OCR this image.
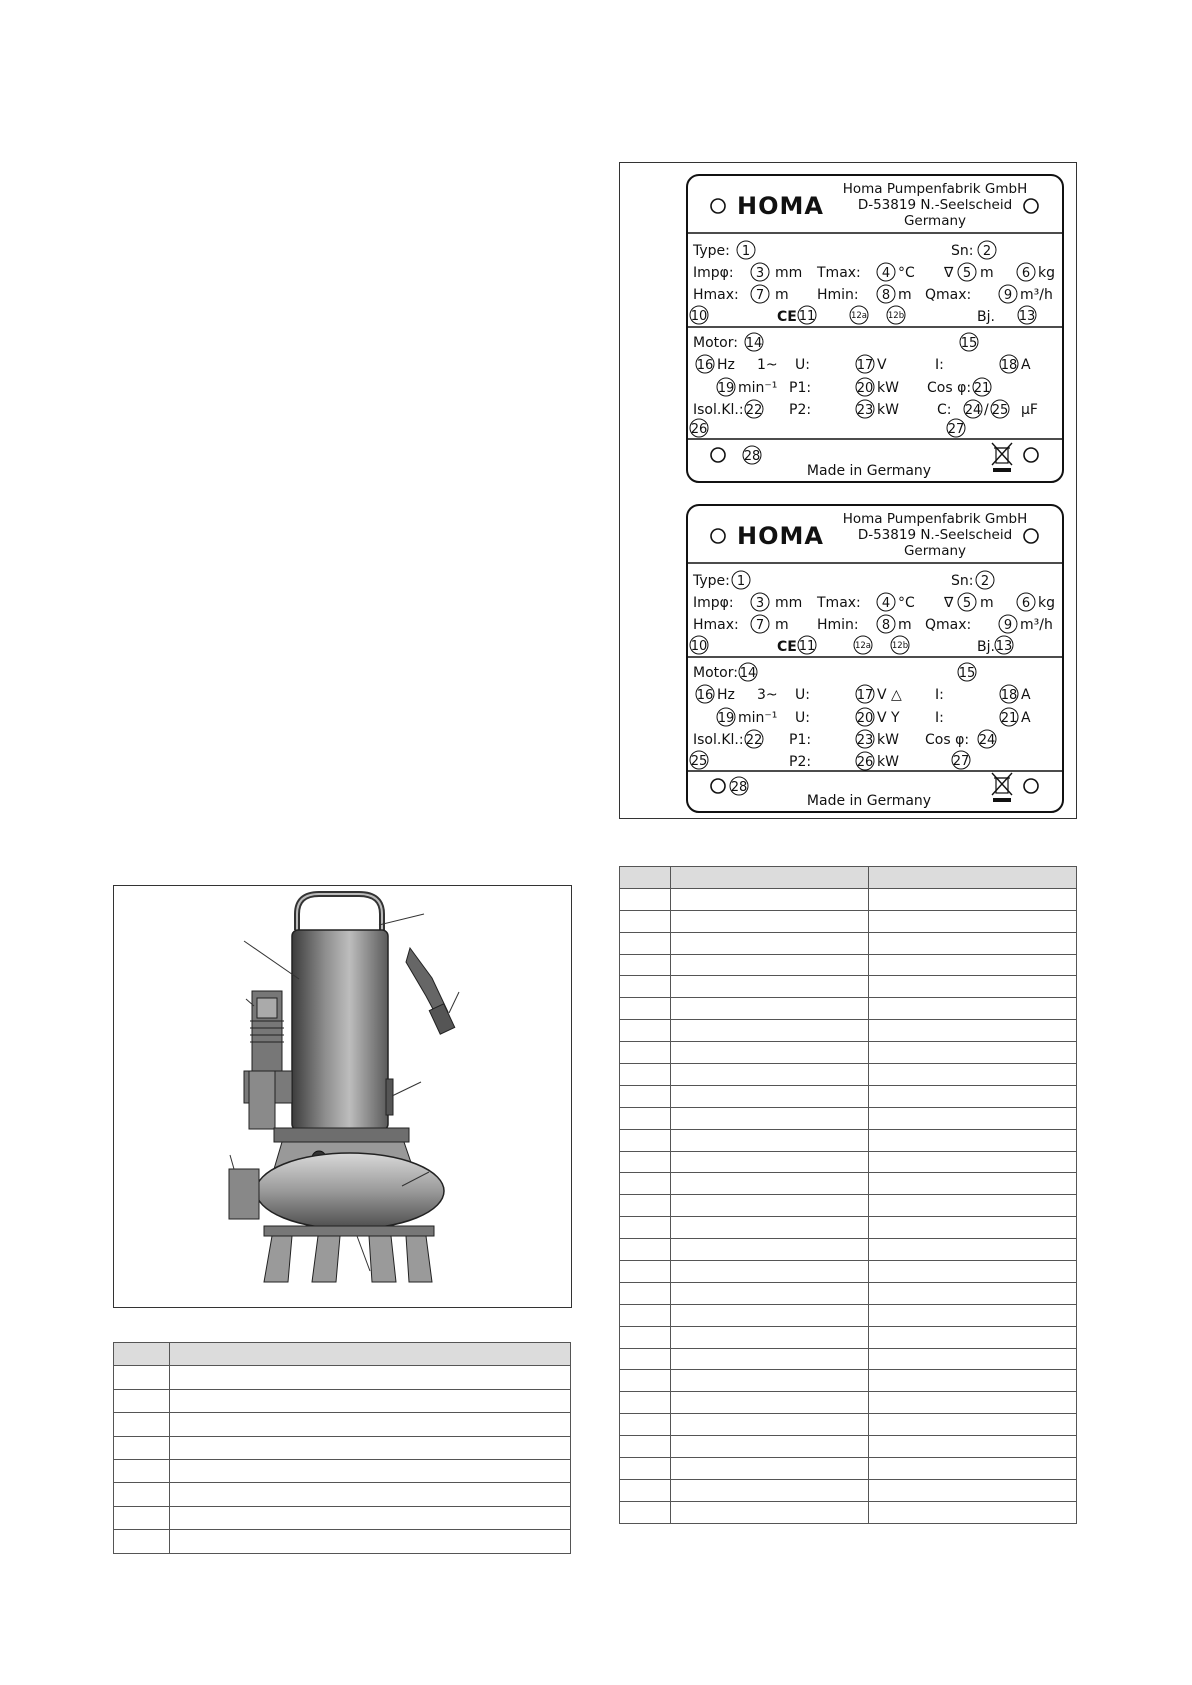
HOMA
Homa Pumpenfabrik GmbH
D-53819 N.-Seelscheid
Germany
Type: 1	Sn: 2
Impφ: 3 mm Tmax: 4 °C ∇ 5 m 6 kg
Hmax: 7 m Hmin: 8 m Qmax:	9 m³/h
10	CE 11	12a 12b	Bj. 13
Motor: 14	15
16 Hz 1~ U:	17 V	I:	18 A
19 min⁻¹ P1:	20 kW Cos φ: 21
Isol.Kl.: 22 P2:	23 kW	C: 24 / 25 µF
26	27
28
Made in Germany
HOMA
Homa Pumpenfabrik GmbH
D-53819 N.-Seelscheid
Germany
Type: 1	Sn: 2
Impφ: 3 mm Tmax: 4 °C ∇ 5 m 6 kg
Hmax: 7 m Hmin: 8 m Qmax:	9 m³/h
10	CE 11	12a 12b	Bj. 13
Motor: 14	15
16 Hz 3~ U:	17 V △ I:	18 A
19 min⁻¹ U:	20 V Y	I:	21 A
Isol.Kl.: 22 P1:	23 kW Cos φ: 24
25	P2:	26 kW	27
28
Made in Germany
